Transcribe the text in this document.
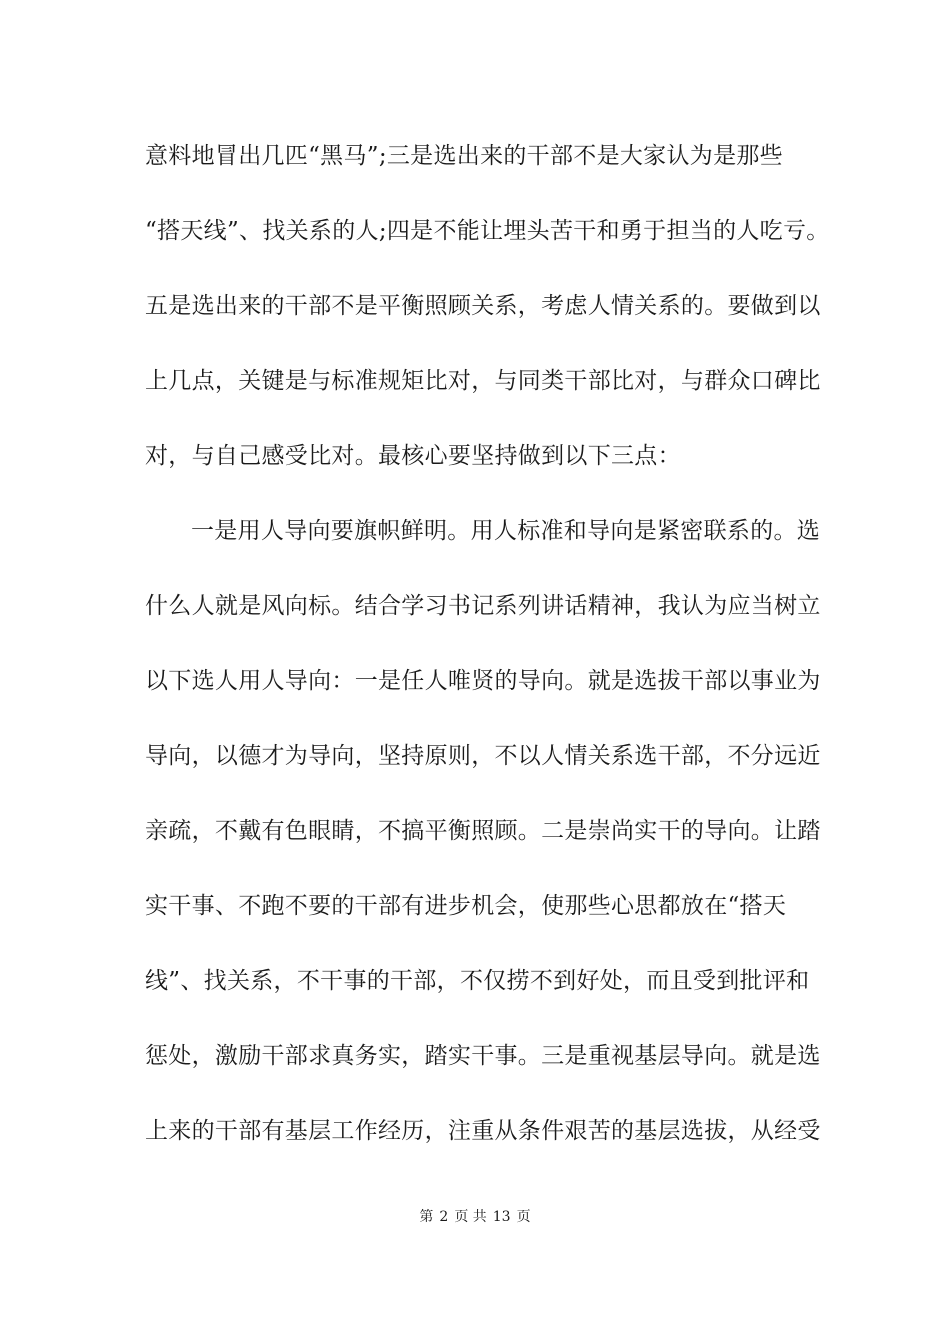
意料地冒出几匹“黑马”;三是选出来的干部不是大家认为是那些
“搭天线”、找关系的人;四是不能让埋头苦干和勇于担当的人吃亏。
五是选出来的干部不是平衡照顾关系，考虑人情关系的。要做到以
上几点，关键是与标准规矩比对，与同类干部比对，与群众口碑比
对，与自己感受比对。最核心要坚持做到以下三点：
一是用人导向要旗帜鲜明。用人标准和导向是紧密联系的。选
什么人就是风向标。结合学习书记系列讲话精神，我认为应当树立
以下选人用人导向：一是任人唯贤的导向。就是选拔干部以事业为
导向，以德才为导向，坚持原则，不以人情关系选干部，不分远近
亲疏，不戴有色眼睛，不搞平衡照顾。二是崇尚实干的导向。让踏
实干事、不跑不要的干部有进步机会，使那些心思都放在“搭天
线”、找关系，不干事的干部，不仅捞不到好处，而且受到批评和
惩处，激励干部求真务实，踏实干事。三是重视基层导向。就是选
上来的干部有基层工作经历，注重从条件艰苦的基层选拔，从经受
第 2 页 共 13 页
